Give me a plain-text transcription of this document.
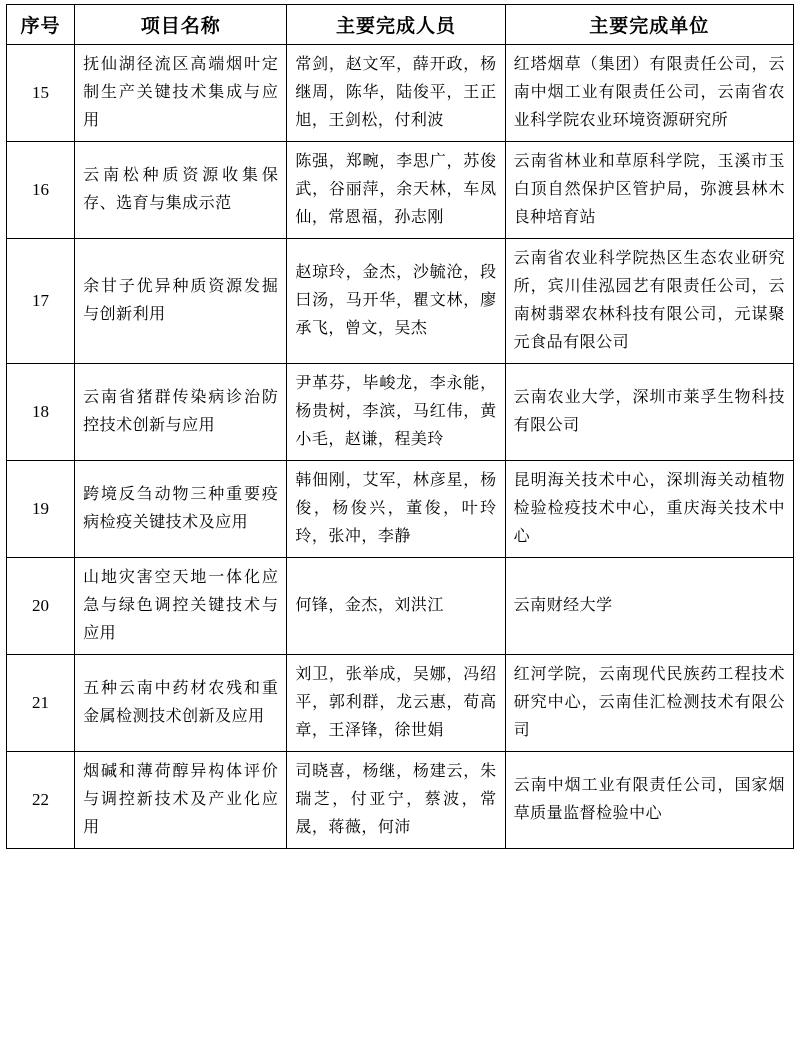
序号	项目名称	主要完成人员	主要完成单位
15	抚仙湖径流区高端烟叶定制生产关键技术集成与应用	常剑，赵文军，薛开政，杨继周，陈华，陆俊平，王正旭，王剑松，付利波	红塔烟草（集团）有限责任公司，云南中烟工业有限责任公司，云南省农业科学院农业环境资源研究所
16	云南松种质资源收集保存、选育与集成示范	陈强，郑畹，李思广，苏俊武，谷丽萍，余天林，车凤仙，常恩福，孙志刚	云南省林业和草原科学院，玉溪市玉白顶自然保护区管护局，弥渡县林木良种培育站
17	余甘子优异种质资源发掘与创新利用	赵琼玲，金杰，沙毓沧，段曰汤，马开华，瞿文林，廖承飞，曾文，吴杰	云南省农业科学院热区生态农业研究所，宾川佳泓园艺有限责任公司，云南树翡翠农林科技有限公司，元谋聚元食品有限公司
18	云南省猪群传染病诊治防控技术创新与应用	尹革芬，毕峻龙，李永能，杨贵树，李滨，马红伟，黄小毛，赵谦，程美玲	云南农业大学，深圳市莱孚生物科技有限公司
19	跨境反刍动物三种重要疫病检疫关键技术及应用	韩佃刚，艾军，林彦星，杨俊，杨俊兴，董俊，叶玲玲，张冲，李静	昆明海关技术中心，深圳海关动植物检验检疫技术中心，重庆海关技术中心
20	山地灾害空天地一体化应急与绿色调控关键技术与应用	何锋，金杰，刘洪江	云南财经大学
21	五种云南中药材农残和重金属检测技术创新及应用	刘卫，张举成，吴娜，冯绍平，郭利群，龙云惠，荀高章，王泽锋，徐世娟	红河学院，云南现代民族药工程技术研究中心，云南佳汇检测技术有限公司
22	烟碱和薄荷醇异构体评价与调控新技术及产业化应用	司晓喜，杨继，杨建云，朱瑞芝，付亚宁，蔡波，常晟，蒋薇，何沛	云南中烟工业有限责任公司，国家烟草质量监督检验中心
